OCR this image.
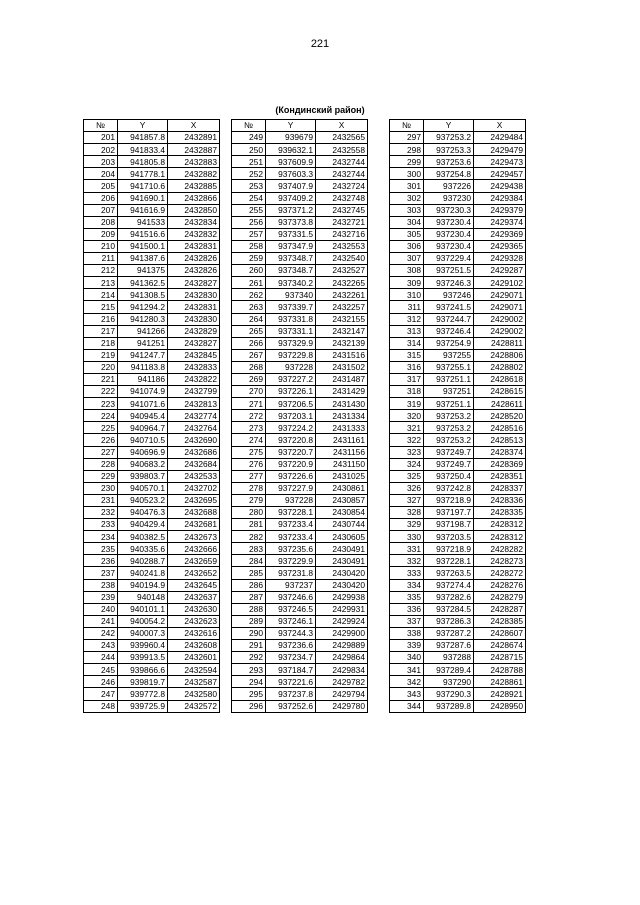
221
(Кондинский район)
№	Y	X
201	941857.8	2432891
202	941833.4	2432887
203	941805.8	2432883
204	941778.1	2432882
205	941710.6	2432885
206	941690.1	2432866
207	941616.9	2432850
208	941533	2432834
209	941516.6	2432832
210	941500.1	2432831
211	941387.6	2432826
212	941375	2432826
213	941362.5	2432827
214	941308.5	2432830
215	941294.2	2432831
216	941280.3	2432830
217	941266	2432829
218	941251	2432827
219	941247.7	2432845
220	941183.8	2432833
221	941186	2432822
222	941074.9	2432799
223	941071.6	2432813
224	940945.4	2432774
225	940964.7	2432764
226	940710.5	2432690
227	940696.9	2432686
228	940683.2	2432684
229	939803.7	2432533
230	940570.1	2432702
231	940523.2	2432695
232	940476.3	2432688
233	940429.4	2432681
234	940382.5	2432673
235	940335.6	2432666
236	940288.7	2432659
237	940241.8	2432652
238	940194.9	2432645
239	940148	2432637
240	940101.1	2432630
241	940054.2	2432623
242	940007.3	2432616
243	939960.4	2432608
244	939913.5	2432601
245	939866.6	2432594
246	939819.7	2432587
247	939772.8	2432580
248	939725.9	2432572
№	Y	X
249	939679	2432565
250	939632.1	2432558
251	937609.9	2432744
252	937603.3	2432744
253	937407.9	2432724
254	937409.2	2432748
255	937371.2	2432745
256	937373.8	2432721
257	937331.5	2432716
258	937347.9	2432553
259	937348.7	2432540
260	937348.7	2432527
261	937340.2	2432265
262	937340	2432261
263	937339.7	2432257
264	937331.8	2432155
265	937331.1	2432147
266	937329.9	2432139
267	937229.8	2431516
268	937228	2431502
269	937227.2	2431487
270	937226.1	2431429
271	937206.5	2431430
272	937203.1	2431334
273	937224.2	2431333
274	937220.8	2431161
275	937220.7	2431156
276	937220.9	2431150
277	937226.6	2431025
278	937227.9	2430861
279	937228	2430857
280	937228.1	2430854
281	937233.4	2430744
282	937233.4	2430605
283	937235.6	2430491
284	937229.9	2430491
285	937231.8	2430420
286	937237	2430420
287	937246.6	2429938
288	937246.5	2429931
289	937246.1	2429924
290	937244.3	2429900
291	937236.6	2429889
292	937234.7	2429864
293	937184.7	2429834
294	937221.6	2429782
295	937237.8	2429794
296	937252.6	2429780
№	Y	X
297	937253.2	2429484
298	937253.3	2429479
299	937253.6	2429473
300	937254.8	2429457
301	937226	2429438
302	937230	2429384
303	937230.3	2429379
304	937230.4	2429374
305	937230.4	2429369
306	937230.4	2429365
307	937229.4	2429328
308	937251.5	2429287
309	937246.3	2429102
310	937246	2429071
311	937241.5	2429071
312	937244.7	2429002
313	937246.4	2429002
314	937254.9	2428811
315	937255	2428806
316	937255.1	2428802
317	937251.1	2428618
318	937251	2428615
319	937251.1	2428611
320	937253.2	2428520
321	937253.2	2428516
322	937253.2	2428513
323	937249.7	2428374
324	937249.7	2428369
325	937250.4	2428351
326	937242.8	2428337
327	937218.9	2428336
328	937197.7	2428335
329	937198.7	2428312
330	937203.5	2428312
331	937218.9	2428282
332	937228.1	2428273
333	937263.5	2428272
334	937274.4	2428276
335	937282.6	2428279
336	937284.5	2428287
337	937286.3	2428385
338	937287.2	2428607
339	937287.6	2428674
340	937288	2428715
341	937289.4	2428788
342	937290	2428861
343	937290.3	2428921
344	937289.8	2428950
